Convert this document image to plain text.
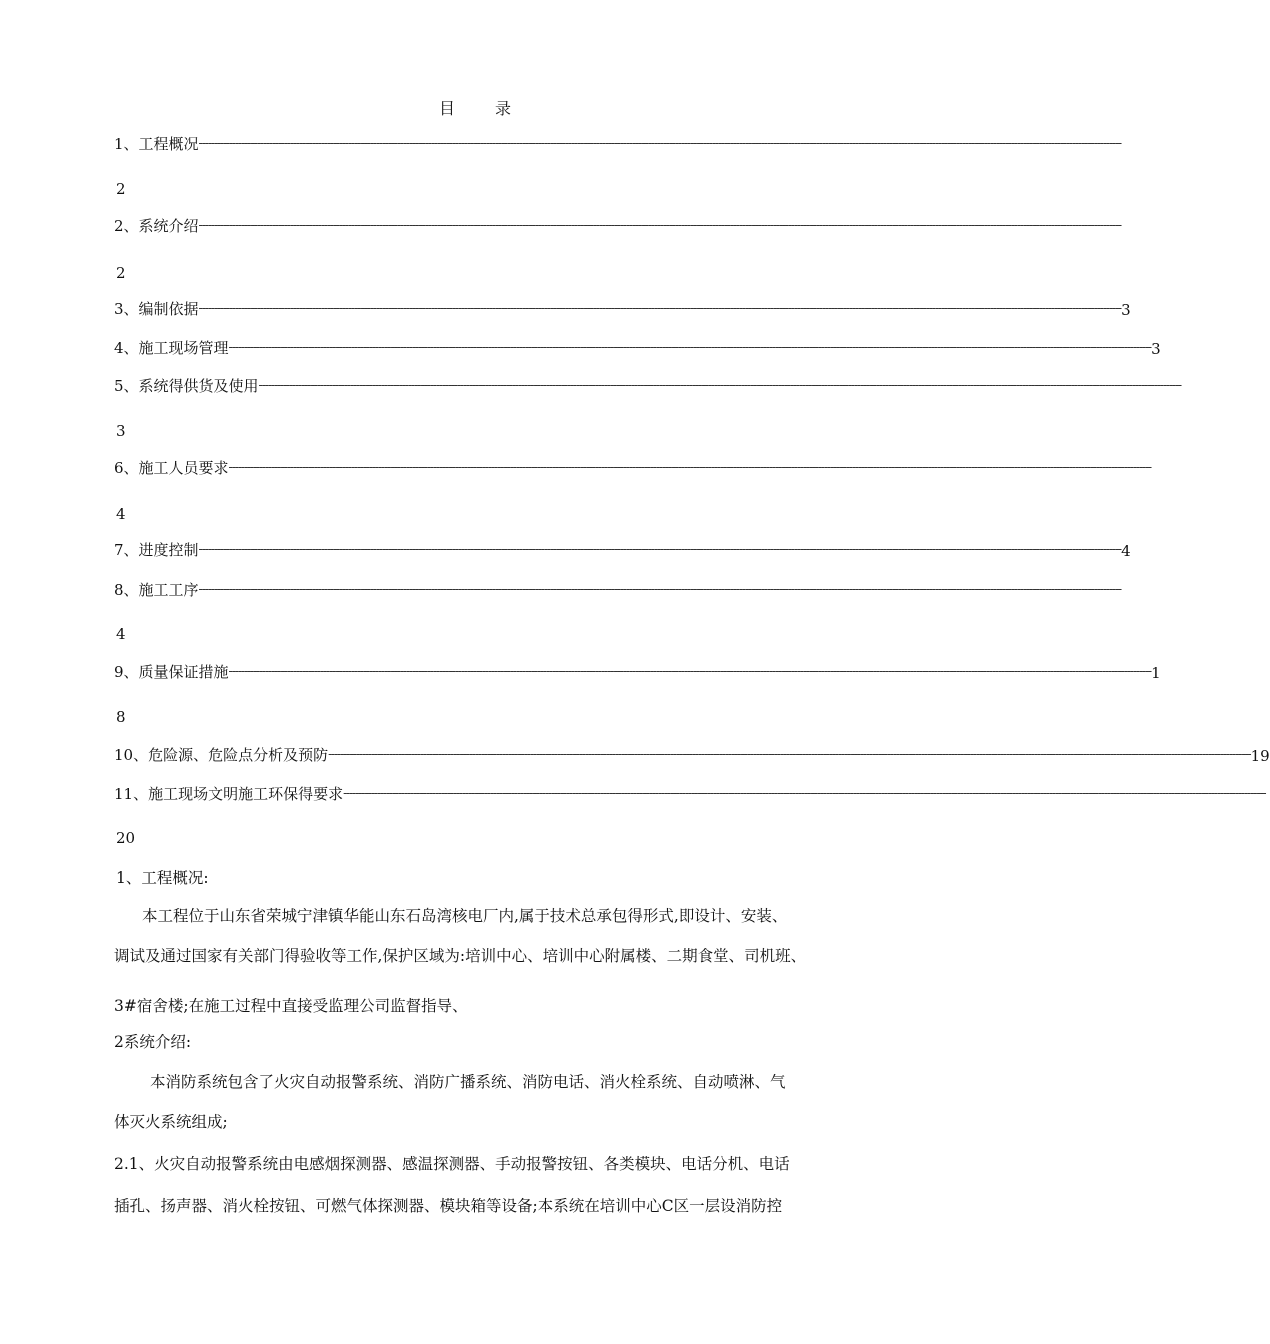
目录
1、工程概况 --------------------------------------------------------------------------------------------------------------------------------------------------------------------------------------------------------------------------------------------------------------------------------------------------------------
2
2、系统介绍 --------------------------------------------------------------------------------------------------------------------------------------------------------------------------------------------------------------------------------------------------------------------------------------------------------------
2
3、编制依据 -------------------------------------------------------------------------------------------------------------------------------------------------------------------------------------------------------------------------------------------------------------------------------------------------------------- 3
4、施工现场管理 -------------------------------------------------------------------------------------------------------------------------------------------------------------------------------------------------------------------------------------------------------------------------------------------------------------- 3
5、系统得供货及使用 --------------------------------------------------------------------------------------------------------------------------------------------------------------------------------------------------------------------------------------------------------------------------------------------------------------
3
6、施工人员要求 --------------------------------------------------------------------------------------------------------------------------------------------------------------------------------------------------------------------------------------------------------------------------------------------------------------
4
7、进度控制 -------------------------------------------------------------------------------------------------------------------------------------------------------------------------------------------------------------------------------------------------------------------------------------------------------------- 4
8、施工工序 --------------------------------------------------------------------------------------------------------------------------------------------------------------------------------------------------------------------------------------------------------------------------------------------------------------
4
9、质量保证措施 -------------------------------------------------------------------------------------------------------------------------------------------------------------------------------------------------------------------------------------------------------------------------------------------------------------- 1
8
10、危险源、危险点分析及预防 -------------------------------------------------------------------------------------------------------------------------------------------------------------------------------------------------------------------------------------------------------------------------------------------------------------- 19
11、施工现场文明施工环保得要求 --------------------------------------------------------------------------------------------------------------------------------------------------------------------------------------------------------------------------------------------------------------------------------------------------------------
20
1、工程概况:
本工程位于山东省荣城宁津镇华能山东石岛湾核电厂内,属于技术总承包得形式,即设计、安装、
调试及通过国家有关部门得验收等工作,保护区域为:培训中心、培训中心附属楼、二期食堂、司机班、
3#宿舍楼;在施工过程中直接受监理公司监督指导、
2系统介绍:
本消防系统包含了火灾自动报警系统、消防广播系统、消防电话、消火栓系统、自动喷淋、气
体灭火系统组成;
2.1、火灾自动报警系统由电感烟探测器、感温探测器、手动报警按钮、各类模块、电话分机、电话
插孔、扬声器、消火栓按钮、可燃气体探测器、模块箱等设备;本系统在培训中心C区一层设消防控
